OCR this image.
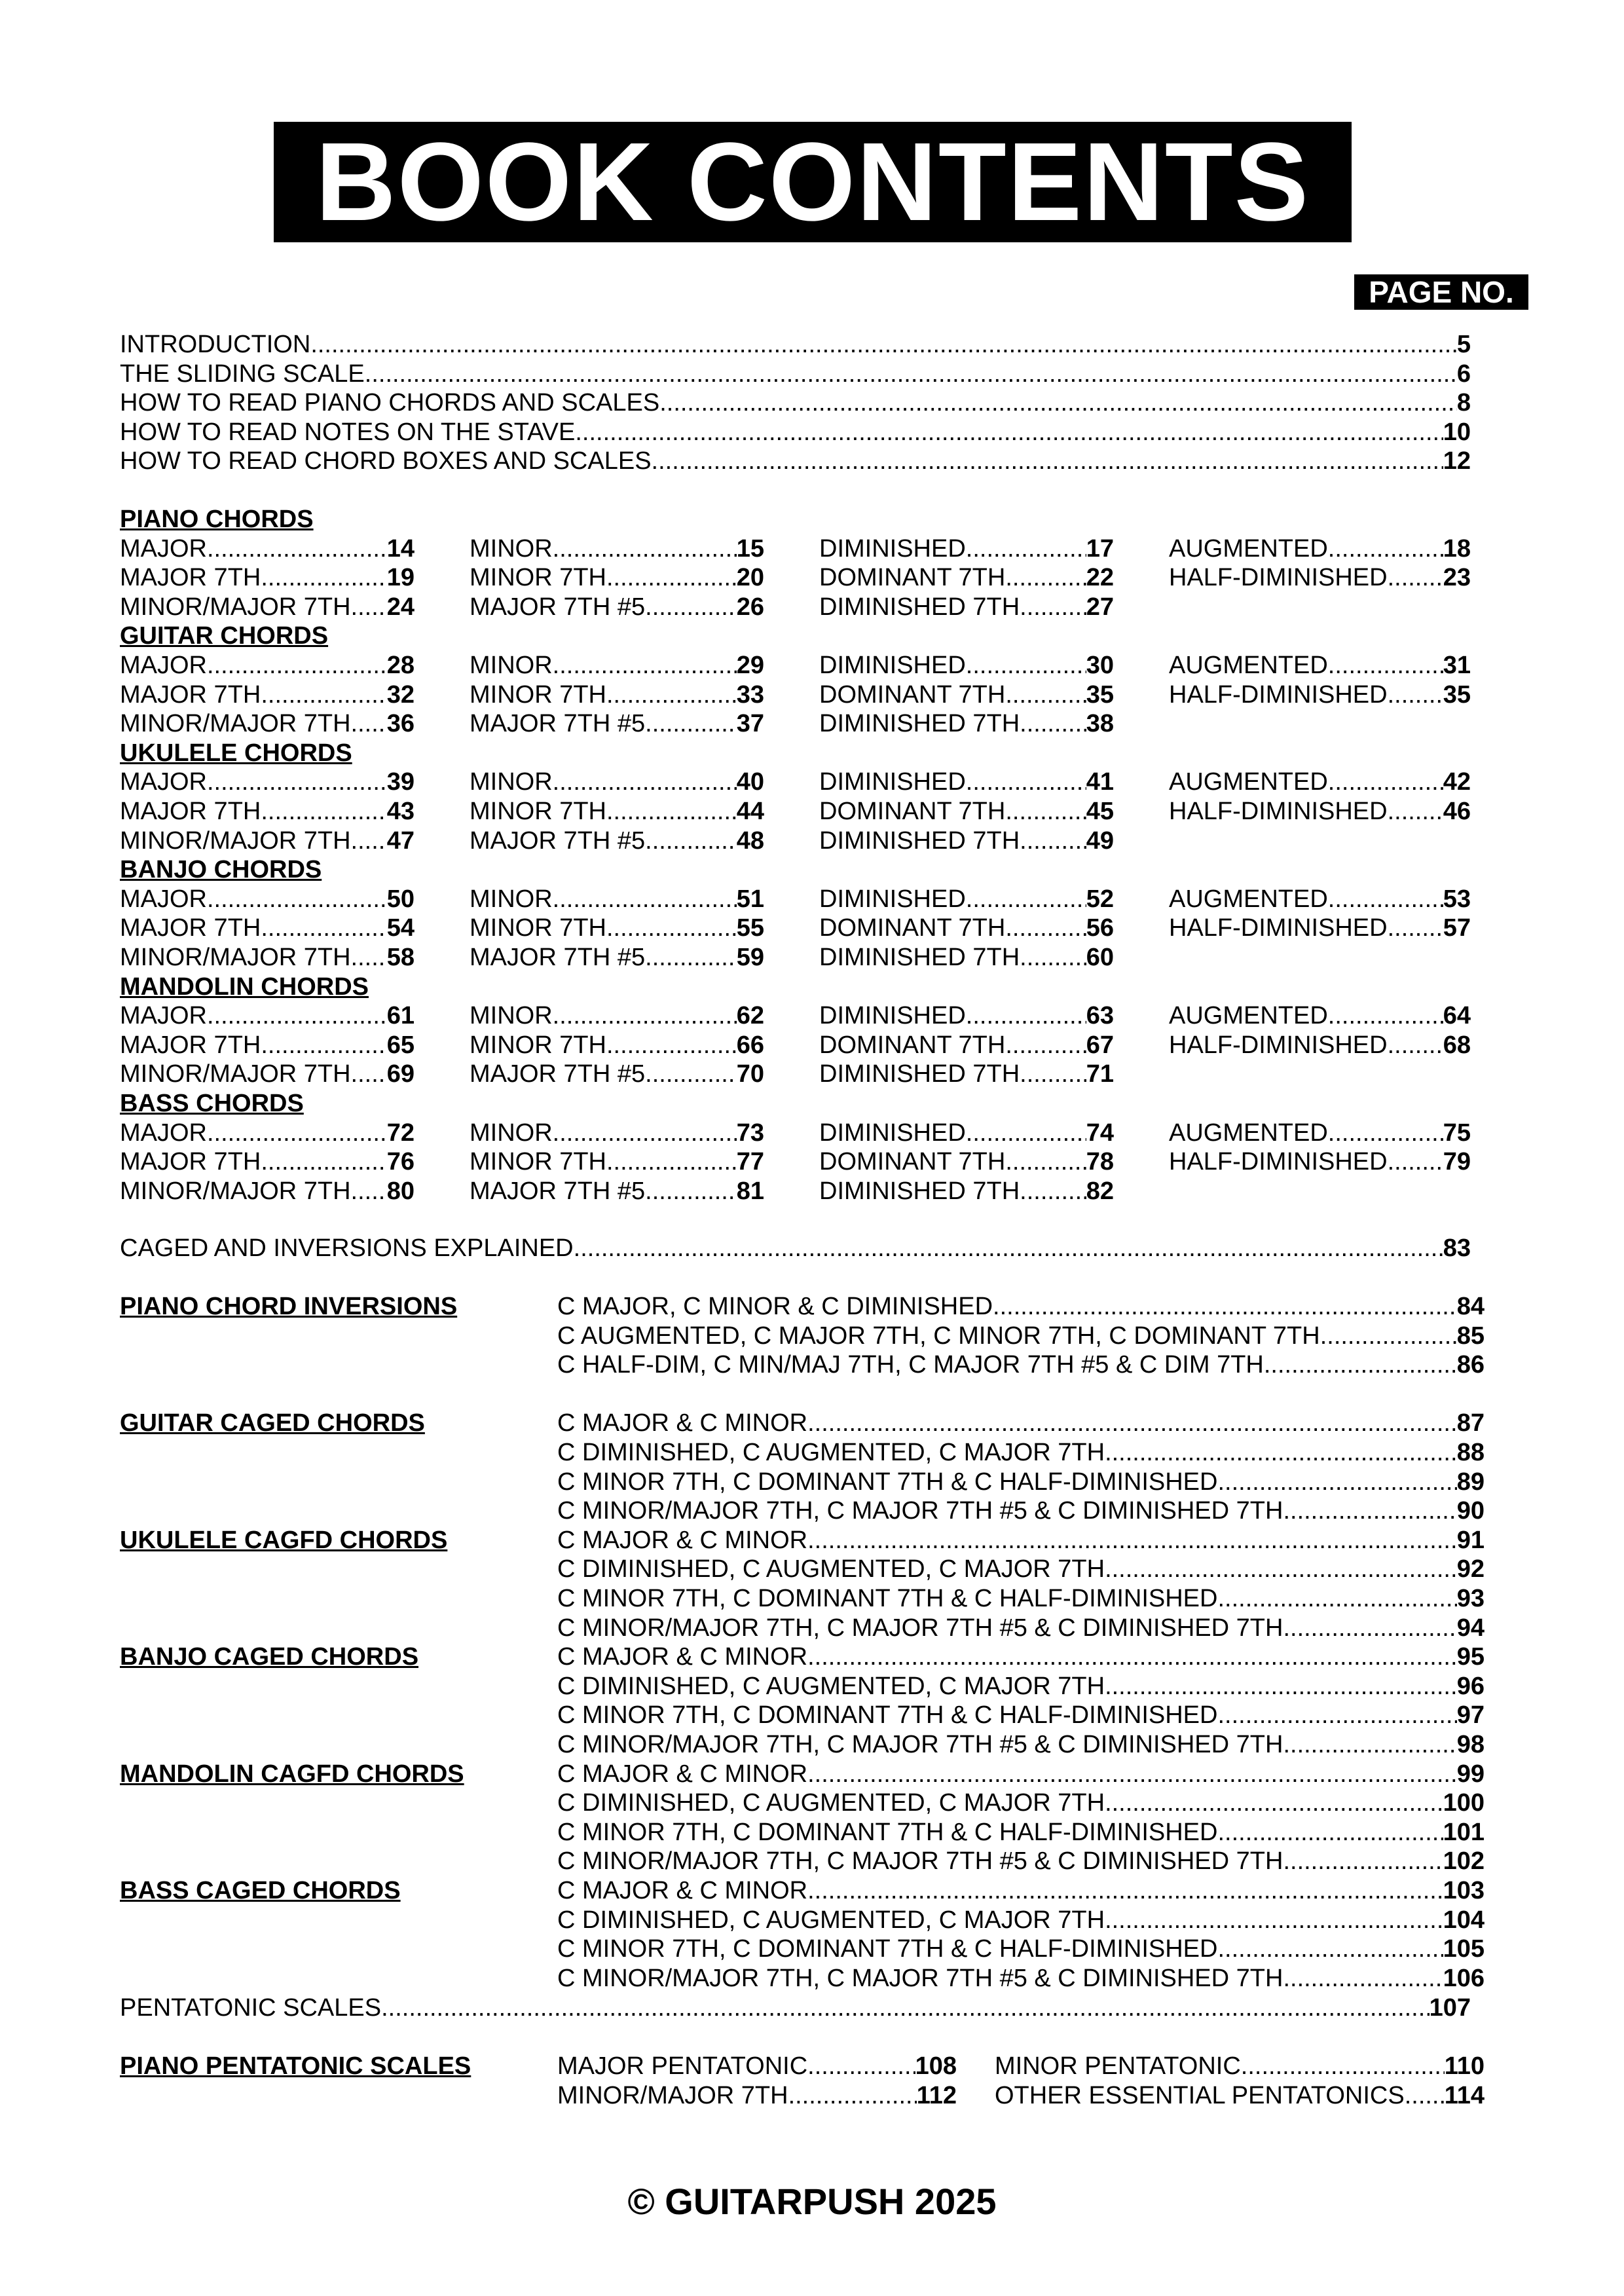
BOOK CONTENTS
PAGE NO.
INTRODUCTION .....	5
THE SLIDING SCALE .....	6
HOW TO READ PIANO CHORDS AND SCALES .....	8
HOW TO READ NOTES ON THE STAVE .....	10
HOW TO READ CHORD BOXES AND SCALES .....	12
PIANO CHORDS
MAJOR .....	14 MINOR .....	15 DIMINISHED .....	17 AUGMENTED .....	18
MAJOR 7TH .....	19 MINOR 7TH .....	20 DOMINANT 7TH .....	22 HALF-DIMINISHED ..... 23
MINOR/MAJOR 7TH. ..... 24 MAJOR 7TH #5 .....	26 DIMINISHED 7TH .....	27
GUITAR CHORDS
MAJOR .....	28 MINOR .....	29 DIMINISHED .....	30 AUGMENTED .....	31
MAJOR 7TH .....	32 MINOR 7TH .....	33 DOMINANT 7TH .....	35 HALF-DIMINISHED ..... 35
MINOR/MAJOR 7TH. ..... 36 MAJOR 7TH #5 .....	37 DIMINISHED 7TH .....	38
UKULELE CHORDS
MAJOR .....	39 MINOR .....	40 DIMINISHED .....	41 AUGMENTED .....	42
MAJOR 7TH .....	43 MINOR 7TH .....	44 DOMINANT 7TH .....	45 HALF-DIMINISHED ..... 46
MINOR/MAJOR 7TH. ..... 47 MAJOR 7TH #5 .....	48 DIMINISHED 7TH .....	49
BANJO CHORDS
MAJOR .....	50 MINOR .....	51 DIMINISHED .....	52 AUGMENTED .....	53
MAJOR 7TH .....	54 MINOR 7TH .....	55 DOMINANT 7TH .....	56 HALF-DIMINISHED ..... 57
MINOR/MAJOR 7TH. ..... 58 MAJOR 7TH #5 .....	59 DIMINISHED 7TH .....	60
MANDOLIN CHORDS
MAJOR .....	61 MINOR .....	62 DIMINISHED .....	63 AUGMENTED .....	64
MAJOR 7TH .....	65 MINOR 7TH .....	66 DOMINANT 7TH .....	67 HALF-DIMINISHED ..... 68
MINOR/MAJOR 7TH. ..... 69 MAJOR 7TH #5 .....	70 DIMINISHED 7TH .....	71
BASS CHORDS
MAJOR .....	72 MINOR .....	73 DIMINISHED .....	74 AUGMENTED .....	75
MAJOR 7TH .....	76 MINOR 7TH .....	77 DOMINANT 7TH .....	78 HALF-DIMINISHED ..... 79
MINOR/MAJOR 7TH. ..... 80 MAJOR 7TH #5 .....	81 DIMINISHED 7TH .....	82
CAGED AND INVERSIONS EXPLAINED .....	83
PIANO CHORD INVERSIONS	C MAJOR, C MINOR & C DIMINISHED .....	84
C AUGMENTED, C MAJOR 7TH, C MINOR 7TH, C DOMINANT 7TH .....	85
C HALF-DIM, C MIN/MAJ 7TH, C MAJOR 7TH #5 & C DIM 7TH .....	86
GUITAR CAGED CHORDS	C MAJOR & C MINOR .....	87
C DIMINISHED, C AUGMENTED, C MAJOR 7TH .....	88
C MINOR 7TH, C DOMINANT 7TH & C HALF-DIMINISHED .....	89
C MINOR/MAJOR 7TH, C MAJOR 7TH #5 & C DIMINISHED 7TH .....	90
UKULELE CAGFD CHORDS	C MAJOR & C MINOR .....	91
C DIMINISHED, C AUGMENTED, C MAJOR 7TH .....	92
C MINOR 7TH, C DOMINANT 7TH & C HALF-DIMINISHED .....	93
C MINOR/MAJOR 7TH, C MAJOR 7TH #5 & C DIMINISHED 7TH .....	94
BANJO CAGED CHORDS	C MAJOR & C MINOR .....	95
C DIMINISHED, C AUGMENTED, C MAJOR 7TH .....	96
C MINOR 7TH, C DOMINANT 7TH & C HALF-DIMINISHED .....	97
C MINOR/MAJOR 7TH, C MAJOR 7TH #5 & C DIMINISHED 7TH .....	98
MANDOLIN CAGFD CHORDS	C MAJOR & C MINOR .....	99
C DIMINISHED, C AUGMENTED, C MAJOR 7TH .....	100
C MINOR 7TH, C DOMINANT 7TH & C HALF-DIMINISHED .....	101
C MINOR/MAJOR 7TH, C MAJOR 7TH #5 & C DIMINISHED 7TH .....	102
BASS CAGED CHORDS	C MAJOR & C MINOR .....	103
C DIMINISHED, C AUGMENTED, C MAJOR 7TH .....	104
C MINOR 7TH, C DOMINANT 7TH & C HALF-DIMINISHED .....	105
C MINOR/MAJOR 7TH, C MAJOR 7TH #5 & C DIMINISHED 7TH .....	106
PENTATONIC SCALES .....	107
PIANO PENTATONIC SCALES	MAJOR PENTATONIC .....	108 MINOR PENTATONIC .....	110
MINOR/MAJOR 7TH .....	112 OTHER ESSENTIAL PENTATONICS ..... 114
© GUITARPUSH 2025
